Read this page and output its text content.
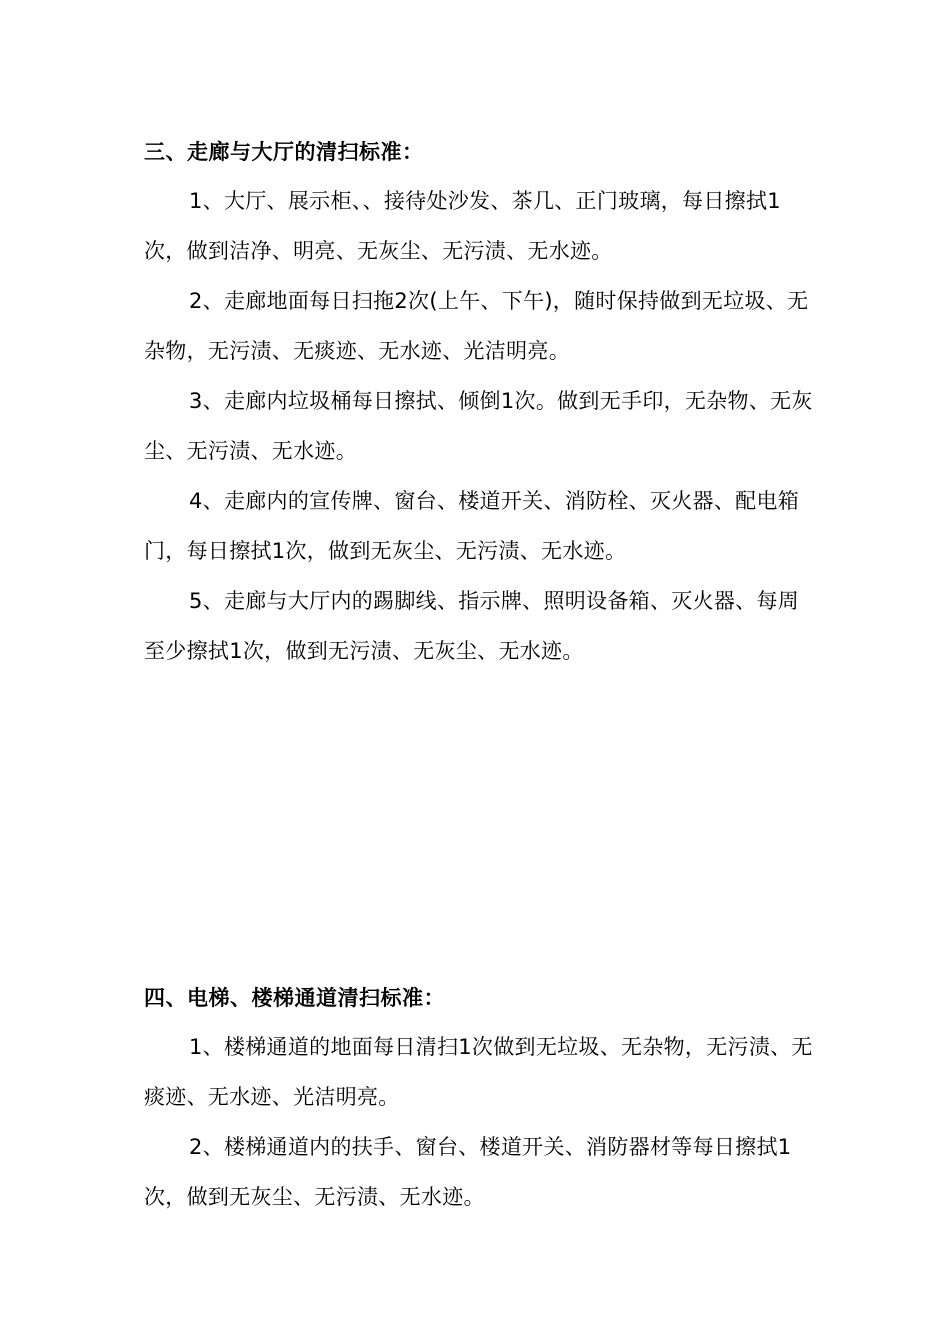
三、走廊与大厅的清扫标准：

1、大厅、展示柜、、接待处沙发、茶几、正门玻璃，每日擦拭1次，做到洁净、明亮、无灰尘、无污渍、无水迹。

2、走廊地面每日扫拖2次(上午、下午)，随时保持做到无垃圾、无杂物，无污渍、无痰迹、无水迹、光洁明亮。

3、走廊内垃圾桶每日擦拭、倾倒1次。做到无手印，无杂物、无灰尘、无污渍、无水迹。

4、走廊内的宣传牌、窗台、楼道开关、消防栓、灭火器、配电箱门，每日擦拭1次，做到无灰尘、无污渍、无水迹。

5、走廊与大厅内的踢脚线、指示牌、照明设备箱、灭火器、每周至少擦拭1次，做到无污渍、无灰尘、无水迹。

四、电梯、楼梯通道清扫标准：

1、楼梯通道的地面每日清扫1次做到无垃圾、无杂物，无污渍、无痰迹、无水迹、光洁明亮。

2、楼梯通道内的扶手、窗台、楼道开关、消防器材等每日擦拭1次，做到无灰尘、无污渍、无水迹。
